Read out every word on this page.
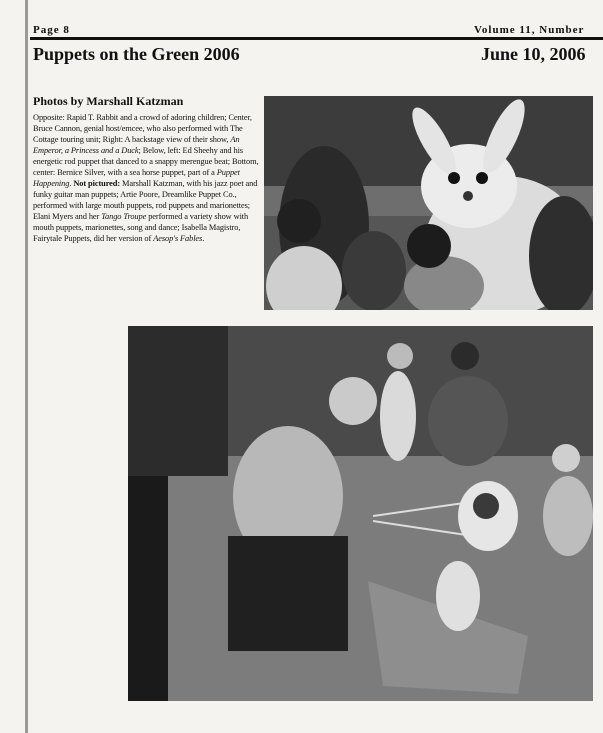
Page 8	Volume 11, Number
Puppets on the Green 2006	June 10, 2006
Photos by Marshall Katzman
Opposite: Rapid T. Rabbit and a crowd of adoring children; Center, Bruce Cannon, genial host/emcee, who also performed with The Cottage touring unit; Right: A backstage view of their show, An Emperor, a Princess and a Duck; Below, left: Ed Sheehy and his energetic rod puppet that danced to a snappy merengue beat; Bottom, center: Bernice Silver, with a sea horse puppet, part of a Puppet Happening. Not pictured: Marshall Katzman, with his jazz poet and funky guitar man puppets; Artie Poore, Dreamlike Puppet Co., performed with large mouth puppets, rod puppets and marionettes; Elani Myers and her Tango Troupe performed a variety show with mouth puppets, marionettes, song and dance; Isabella Magistro, Fairytale Puppets, did her version of Aesop's Fables.
